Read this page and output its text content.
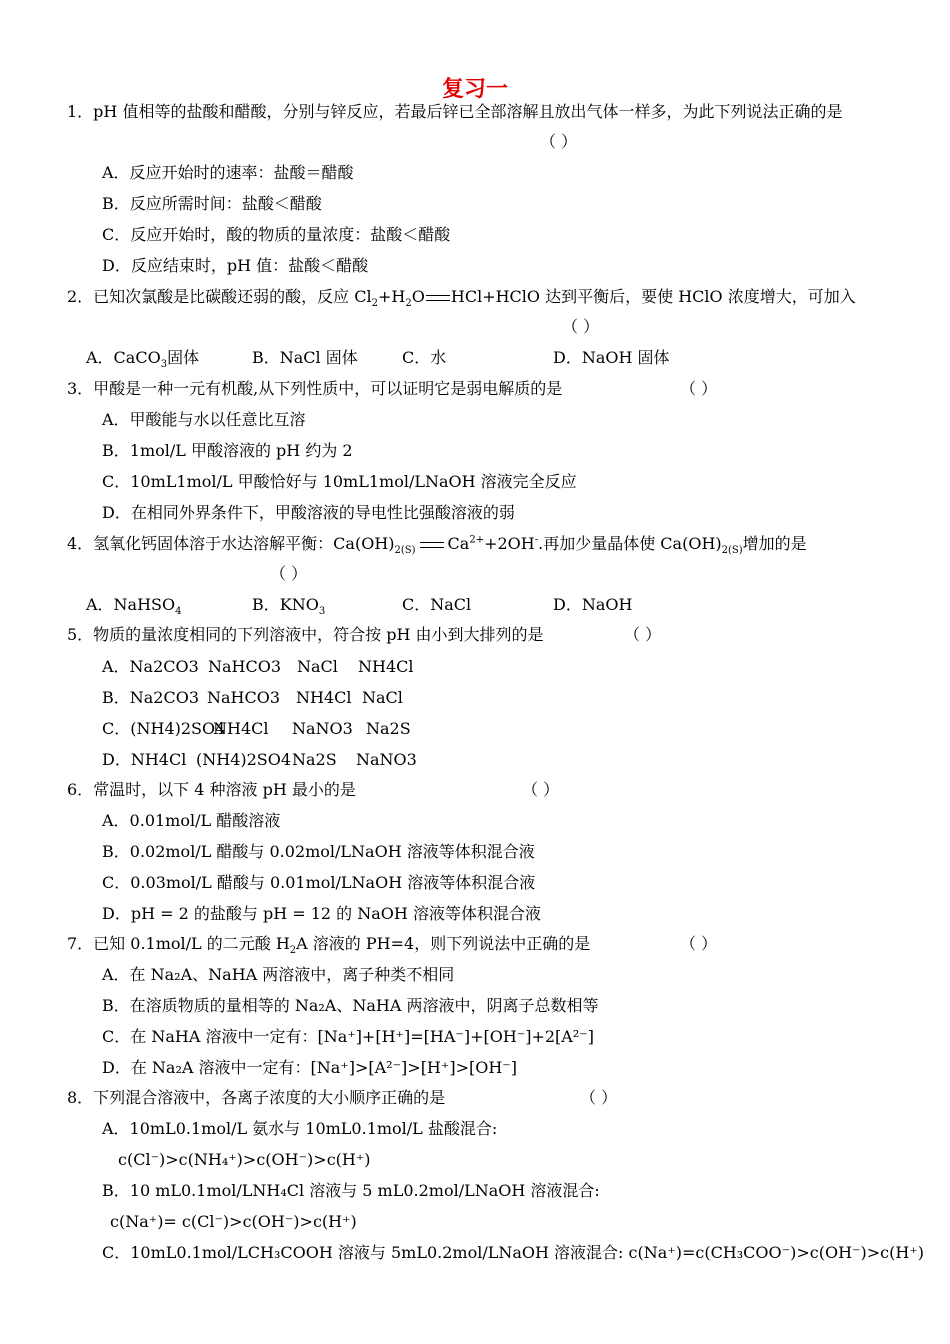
复习一
1．pH 值相等的盐酸和醋酸，分别与锌反应，若最后锌已全部溶解且放出气体一样多，为此下列说法正确的是
（ ）
A．反应开始时的速率：盐酸＝醋酸
B．反应所需时间：盐酸＜醋酸
C．反应开始时，酸的物质的量浓度：盐酸＜醋酸
D．反应结束时，pH 值：盐酸＜醋酸
2．已知次氯酸是比碳酸还弱的酸，反应 $Cl_2+H_2O$ HCl+HClO 达到平衡后，要使 HClO 浓度增大，可加入
（ ）
A．CaCO$_3$固体	B．NaCl 固体	C．水	D．NaOH 固体
3．甲酸是一种一元有机酸,从下列性质中，可以证明它是弱电解质的是	（ ）
A．甲酸能与水以任意比互溶
B．1mol/L 甲酸溶液的 pH 约为 2
C．10mL1mol/L 甲酸恰好与 10mL1mol/LNaOH 溶液完全反应
D．在相同外界条件下，甲酸溶液的导电性比强酸溶液的弱
4．氢氧化钙固体溶于水达溶解平衡：$Ca(OH)_{2(S)}$ $Ca^{2+}+2OH^-$.再加少量晶体使 $Ca(OH)_{2(S)}$增加的是
（ ）
A．NaHSO$_4$	B．$KNO_3$	C．NaCl	D．NaOH
5．物质的量浓度相同的下列溶液中，符合按 pH 由小到大排列的是	（ ）
A．Na2CO3 NaHCO3 NaCl NH4Cl
B．Na2CO3 NaHCO3 NH4Cl NaCl
C．(NH4)2SO4
NH4Cl NaNO3 Na2S
D．NH4Cl (NH4)2SO4 Na2S NaNO3
6．常温时，以下 4 种溶液 pH 最小的是	（ ）
A．0.01mol/L 醋酸溶液
B．0.02mol/L 醋酸与 0.02mol/LNaOH 溶液等体积混合液
C．0.03mol/L 醋酸与 0.01mol/LNaOH 溶液等体积混合液
D．pH = 2 的盐酸与 pH = 12 的 NaOH 溶液等体积混合液
7．已知 0.1mol/L 的二元酸 $H_2A$ 溶液的 PH=4，则下列说法中正确的是	（ ）
A．在 Na₂A、NaHA 两溶液中，离子种类不相同
B．在溶质物质的量相等的 Na₂A、NaHA 两溶液中，阴离子总数相等
C．在 NaHA 溶液中一定有：[Na⁺]+[H⁺]=[HA⁻]+[OH⁻]+2[A²⁻]
D．在 Na₂A 溶液中一定有：[Na⁺]>[A²⁻]>[H⁺]>[OH⁻]
8．下列混合溶液中，各离子浓度的大小顺序正确的是	（ ）
A．10mL0.1mol/L 氨水与 10mL0.1mol/L 盐酸混合:
c(Cl⁻)>c(NH₄⁺)>c(OH⁻)>c(H⁺)
B．10 mL0.1mol/LNH₄Cl 溶液与 5 mL0.2mol/LNaOH 溶液混合:
c(Na⁺)= c(Cl⁻)>c(OH⁻)>c(H⁺)
C．10mL0.1mol/LCH₃COOH 溶液与 5mL0.2mol/LNaOH 溶液混合: c(Na⁺)=c(CH₃COO⁻)>c(OH⁻)>c(H⁺)
